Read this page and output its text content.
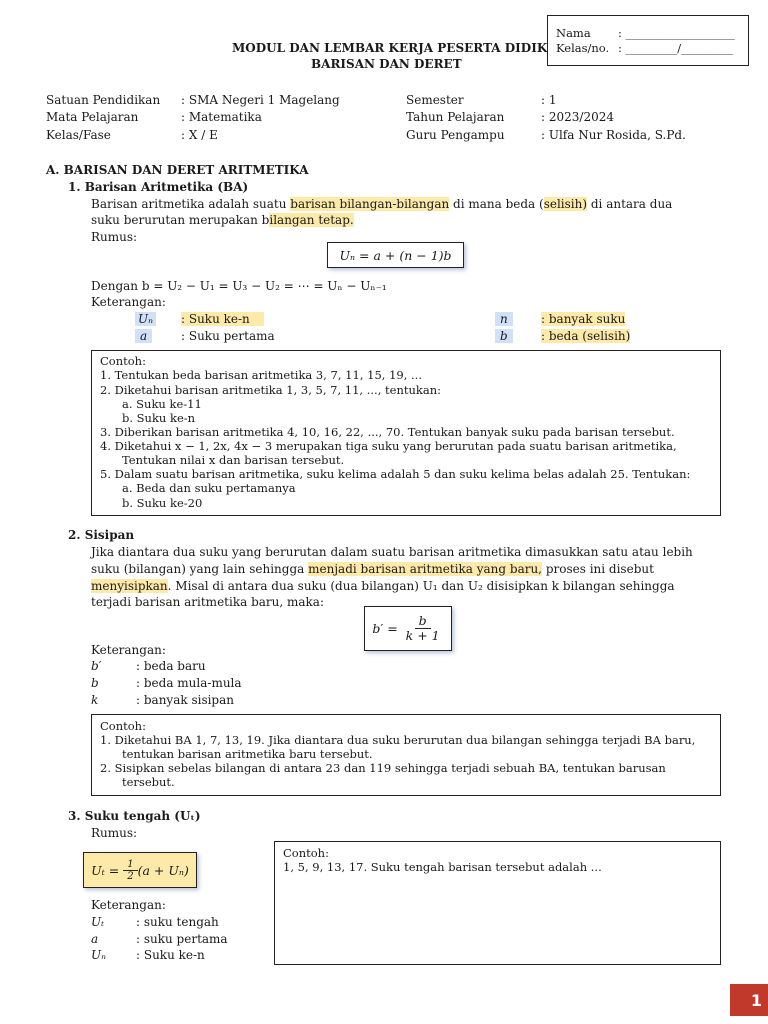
Nama : ___________________
Kelas/no. : _________/_________
MODUL DAN LEMBAR KERJA PESERTA DIDIK
BARISAN DAN DERET
Satuan Pendidikan : SMA Negeri 1 Magelang	Semester	: 1
Mata Pelajaran	: Matematika	Tahun Pelajaran	: 2023/2024
Kelas/Fase	: X / E	Guru Pengampu	: Ulfa Nur Rosida, S.Pd.
A. BARISAN DAN DERET ARITMETIKA
1. Barisan Aritmetika (BA)
Barisan aritmetika adalah suatu barisan bilangan-bilangan di mana beda (selisih) di antara dua
suku berurutan merupakan bilangan tetap.
Rumus:
Uₙ = a + (n − 1)b
Dengan b = U₂ − U₁ = U₃ − U₂ = ⋯ = Uₙ − Uₙ₋₁
Keterangan:
Uₙ : Suku ke-n	n	: banyak suku
a	: Suku pertama	b	: beda (selisih)
Contoh:
1. Tentukan beda barisan aritmetika 3, 7, 11, 15, 19, ...
2. Diketahui barisan aritmetika 1, 3, 5, 7, 11, ..., tentukan:
a. Suku ke-11
b. Suku ke-n
3. Diberikan barisan aritmetika 4, 10, 16, 22, ..., 70. Tentukan banyak suku pada barisan tersebut.
4. Diketahui x − 1, 2x, 4x − 3 merupakan tiga suku yang berurutan pada suatu barisan aritmetika,
Tentukan nilai x dan barisan tersebut.
5. Dalam suatu barisan aritmetika, suku kelima adalah 5 dan suku kelima belas adalah 25. Tentukan:
a. Beda dan suku pertamanya
b. Suku ke-20
2. Sisipan
Jika diantara dua suku yang berurutan dalam suatu barisan aritmetika dimasukkan satu atau lebih
suku (bilangan) yang lain sehingga menjadi barisan aritmetika yang baru, proses ini disebut
menyisipkan. Misal di antara dua suku (dua bilangan) U₁ dan U₂ disisipkan k bilangan sehingga
terjadi barisan aritmetika baru, maka:
$b' = \frac{b}{k + 1}$
Keterangan:
b′	: beda baru
b	: beda mula-mula
k	: banyak sisipan
Contoh:
1. Diketahui BA 1, 7, 13, 19. Jika diantara dua suku berurutan dua bilangan sehingga terjadi BA baru,
tentukan barisan aritmetika baru tersebut.
2. Sisipkan sebelas bilangan di antara 23 dan 119 sehingga terjadi sebuah BA, tentukan barusan
tersebut.
3. Suku tengah (Uₜ)
Rumus:
$U_t = \frac{1}{2} (a + U_n)$
Keterangan:
Uₜ	: suku tengah
a	: suku pertama
Uₙ	: Suku ke-n
Contoh:
1, 5, 9, 13, 17. Suku tengah barisan tersebut adalah ...
1
